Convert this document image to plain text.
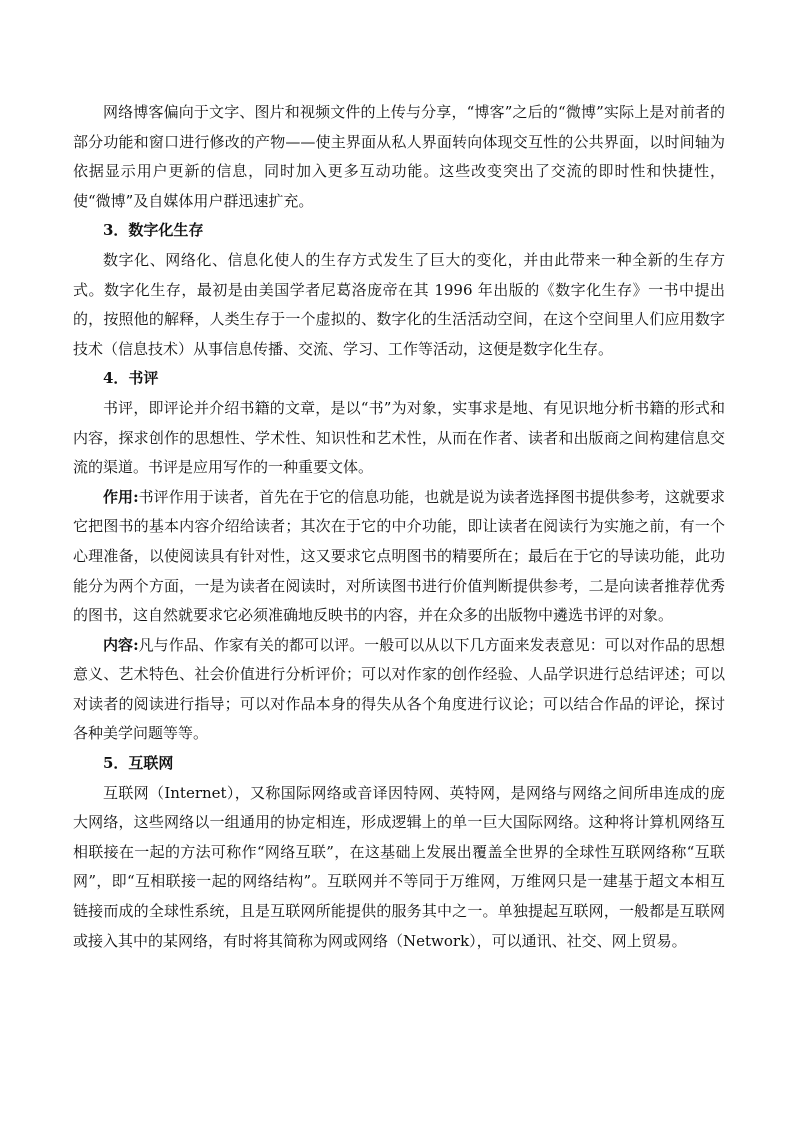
网络博客偏向于文字、图片和视频文件的上传与分享，“博客”之后的“微博”实际上是对前者的部分功能和窗口进行修改的产物——使主界面从私人界面转向体现交互性的公共界面，以时间轴为依据显示用户更新的信息，同时加入更多互动功能。这些改变突出了交流的即时性和快捷性，使“微博”及自媒体用户群迅速扩充。

3．数字化生存

数字化、网络化、信息化使人的生存方式发生了巨大的变化，并由此带来一种全新的生存方式。数字化生存，最初是由美国学者尼葛洛庞帝在其 1996 年出版的《数字化生存》一书中提出的，按照他的解释，人类生存于一个虚拟的、数字化的生活活动空间，在这个空间里人们应用数字技术（信息技术）从事信息传播、交流、学习、工作等活动，这便是数字化生存。

4．书评

书评，即评论并介绍书籍的文章，是以“书”为对象，实事求是地、有见识地分析书籍的形式和内容，探求创作的思想性、学术性、知识性和艺术性，从而在作者、读者和出版商之间构建信息交流的渠道。书评是应用写作的一种重要文体。

作用:书评作用于读者，首先在于它的信息功能，也就是说为读者选择图书提供参考，这就要求它把图书的基本内容介绍给读者；其次在于它的中介功能，即让读者在阅读行为实施之前，有一个心理准备，以使阅读具有针对性，这又要求它点明图书的精要所在；最后在于它的导读功能，此功能分为两个方面，一是为读者在阅读时，对所读图书进行价值判断提供参考，二是向读者推荐优秀的图书，这自然就要求它必须准确地反映书的内容，并在众多的出版物中遴选书评的对象。

内容:凡与作品、作家有关的都可以评。一般可以从以下几方面来发表意见：可以对作品的思想意义、艺术特色、社会价值进行分析评价；可以对作家的创作经验、人品学识进行总结评述；可以对读者的阅读进行指导；可以对作品本身的得失从各个角度进行议论；可以结合作品的评论，探讨各种美学问题等等。

5．互联网

互联网（Internet），又称国际网络或音译因特网、英特网，是网络与网络之间所串连成的庞大网络，这些网络以一组通用的协定相连，形成逻辑上的单一巨大国际网络。这种将计算机网络互相联接在一起的方法可称作“网络互联”，在这基础上发展出覆盖全世界的全球性互联网络称“互联网”，即“互相联接一起的网络结构”。互联网并不等同于万维网，万维网只是一建基于超文本相互链接而成的全球性系统，且是互联网所能提供的服务其中之一。单独提起互联网，一般都是互联网或接入其中的某网络，有时将其简称为网或网络（Network），可以通讯、社交、网上贸易。
